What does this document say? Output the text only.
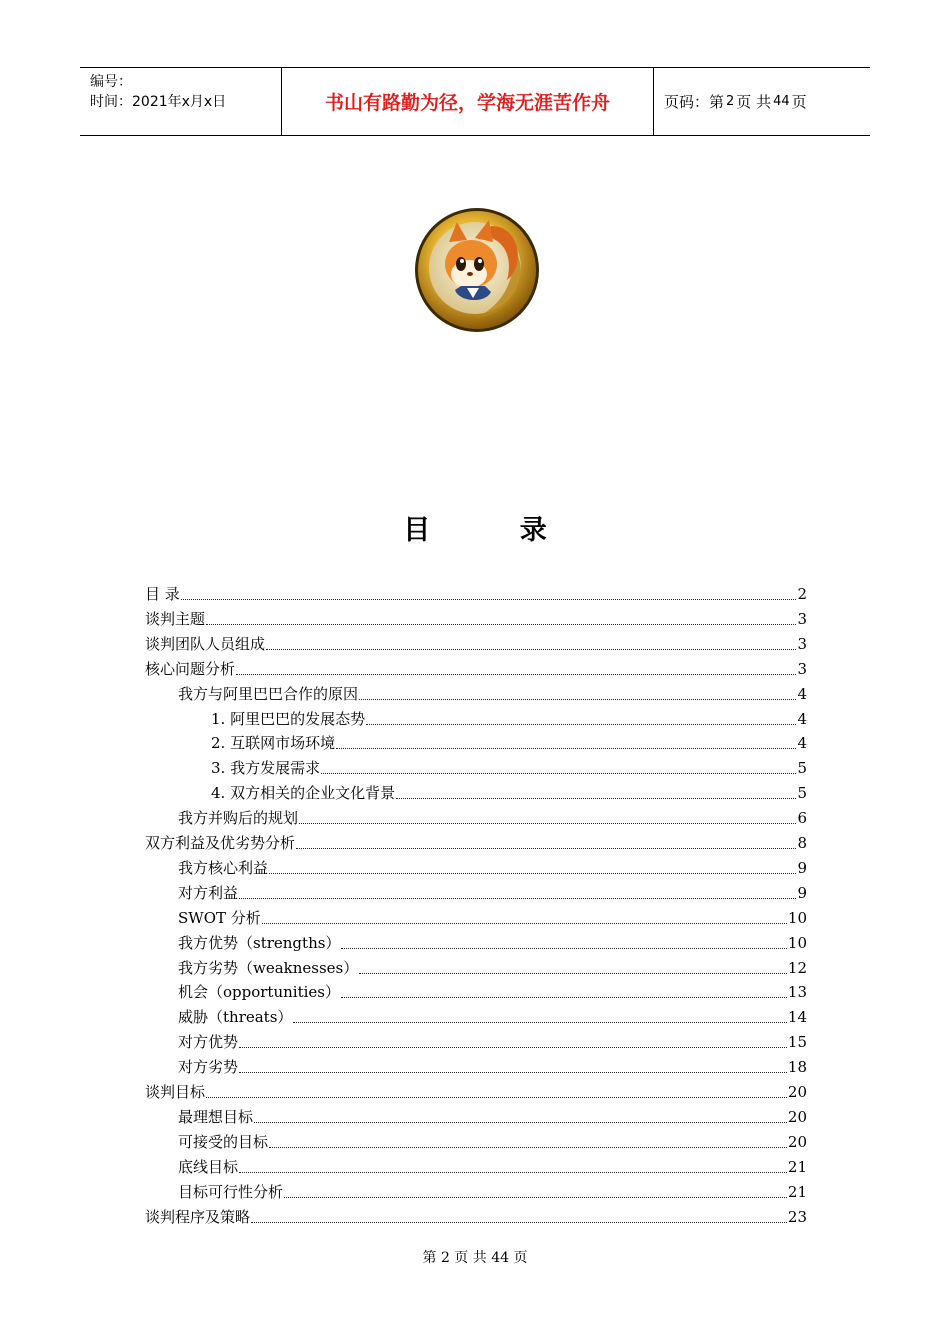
编号：
时间：2021年x月x日	书山有路勤为径，学海无涯苦作舟	页码：第 2 页 共 44 页
目 录
目 录	2
谈判主题	3
谈判团队人员组成	3
核心问题分析	3
我方与阿里巴巴合作的原因	4
1. 阿里巴巴的发展态势	4
2. 互联网市场环境	4
3. 我方发展需求	5
4. 双方相关的企业文化背景	5
我方并购后的规划	6
双方利益及优劣势分析	8
我方核心利益	9
对方利益	9
SWOT 分析	10
我方优势（strengths）	10
我方劣势（weaknesses）	12
机会（opportunities）	13
威胁（threats）	14
对方优势	15
对方劣势	18
谈判目标	20
最理想目标	20
可接受的目标	20
底线目标	21
目标可行性分析	21
谈判程序及策略	23
第 2 页 共 44 页
